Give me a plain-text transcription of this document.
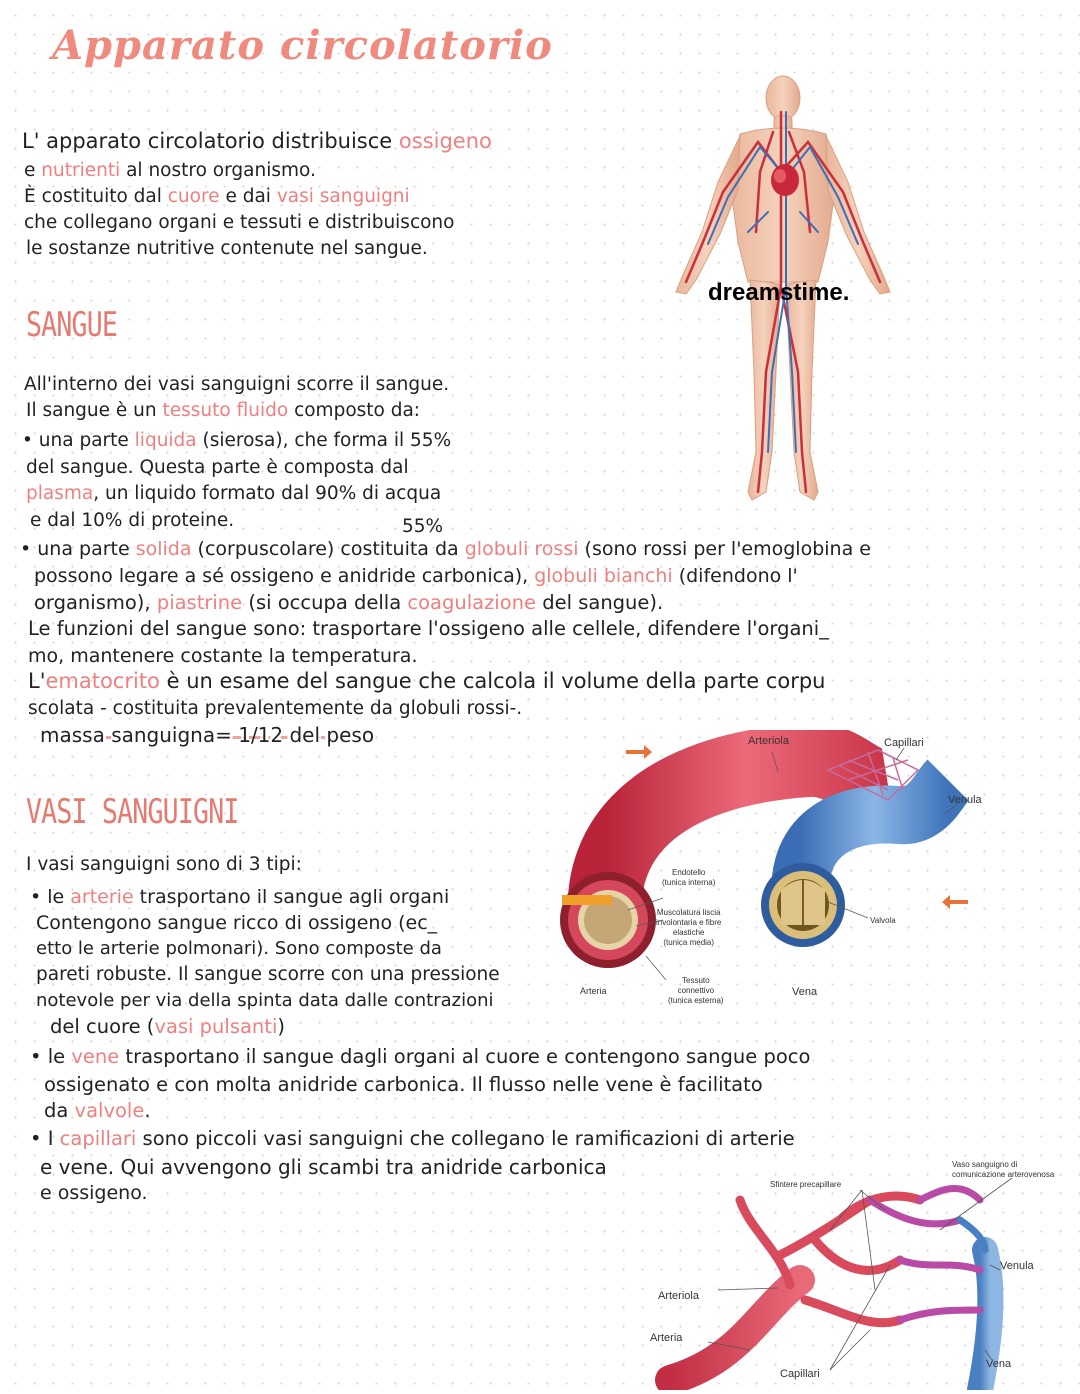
Apparato circolatorio
L' apparato circolatorio distribuisce ossigeno
e nutrienti al nostro organismo.
È costituito dal cuore e dai vasi sanguigni
che collegano organi e tessuti e distribuiscono
le sostanze nutritive contenute nel sangue.
dreamstime.
SANGUE
All'interno dei vasi sanguigni scorre il sangue.
Il sangue è un tessuto fluido composto da:
• una parte liquida (sierosa), che forma il 55%
del sangue. Questa parte è composta dal
plasma, un liquido formato dal 90% di acqua
e dal 10% di proteine.	55%
• una parte solida (corpuscolare) costituita da globuli rossi (sono rossi per l'emoglobina e
possono legare a sé ossigeno e anidride carbonica), globuli bianchi (difendono l'
organismo), piastrine (si occupa della coagulazione del sangue).
Le funzioni del sangue sono: trasportare l'ossigeno alle cellele, difendere l'organi_
mo, mantenere costante la temperatura.
L'ematocrito è un esame del sangue che calcola il volume della parte corpu
scolata - costituita prevalentemente da globuli rossi-.
massa sanguigna= 1/12 del peso	Arteriola	Capillari
Venula
Endotelio
(tunica interna)
Muscolatura liscia
involontaria e fibre
elastiche
(tunica media)
Tessuto
connettivo
(tunica esterna)
Valvola
Arteria	Vena
VASI SANGUIGNI
I vasi sanguigni sono di 3 tipi:
• le arterie trasportano il sangue agli organi
Contengono sangue ricco di ossigeno (ec_
etto le arterie polmonari). Sono composte da
pareti robuste. Il sangue scorre con una pressione
notevole per via della spinta data dalle contrazioni
del cuore (vasi pulsanti)
• le vene trasportano il sangue dagli organi al cuore e contengono sangue poco
ossigenato e con molta anidride carbonica. Il flusso nelle vene è facilitato
da valvole.
• I capillari sono piccoli vasi sanguigni che collegano le ramificazioni di arterie
e vene. Qui avvengono gli scambi tra anidride carbonica
e ossigeno.
Vaso sanguigno di
comunicazione arterovenosa
Sfintere precapillare
Venula
Arteriola
Arteria
Vena
Capillari
